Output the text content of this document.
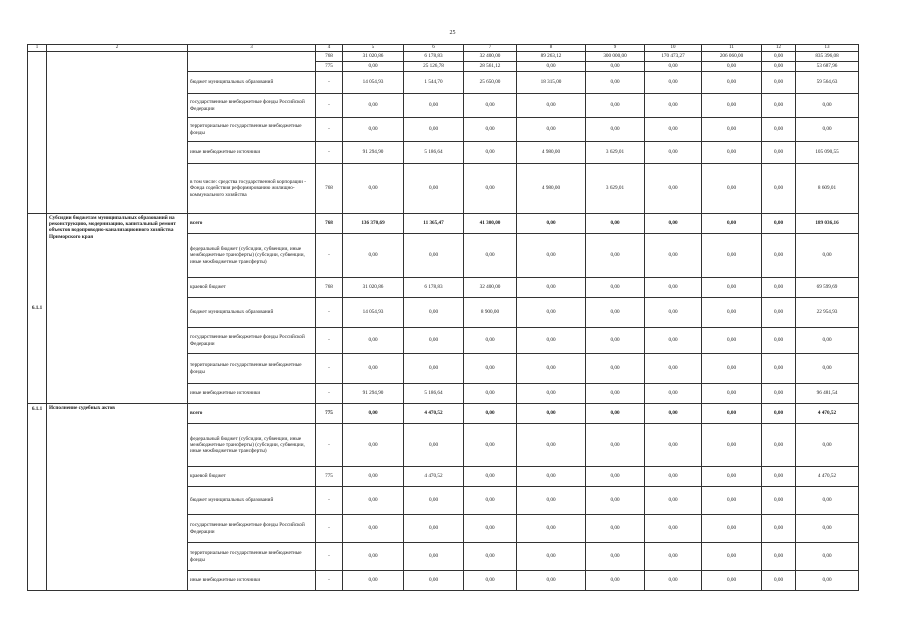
25
1	2	3	4	5	6	7	8	9	10	11	12	13
			768	31 020,86	6 178,83	32 400,00	89 263,12	300 000,00	170 473,27	206 060,00	0,00	835 396,08
			775	0,00	25 126,78	28 561,12	0,00	0,00	0,00	0,00	0,00	53 687,96
		бюджет муниципальных образований	-	14 054,93	1 544,70	25 650,00	18 315,00	0,00	0,00	0,00	0,00	59 564,63
		государственные внебюджетные фонды Российской Федерации	-	0,00	0,00	0,00	0,00	0,00	0,00	0,00	0,00	0,00
		территориальные государственные внебюджетные фонды	-	0,00	0,00	0,00	0,00	0,00	0,00	0,00	0,00	0,00
		иные внебюджетные источники	-	91 294,90	5 186,64	0,00	4 980,00	3 629,01	0,00	0,00	0,00	105 090,55
		в том числе: средства государственной корпорации - Фонда содействия реформированию жилищно-коммунального хозяйства	768	0,00	0,00	0,00	4 980,00	3 629,01	0,00	0,00	0,00	8 609,01
6.1.1	Субсидии бюджетам муниципальных образований на реконструкцию, модернизацию, капитальный ремонт объектов водопроводно-канализационного хозяйства Приморского края	всего	768	136 370,69	11 365,47	41 300,00	0,00	0,00	0,00	0,00	0,00	189 036,16
		федеральный бюджет (субсидии, субвенции, иные межбюджетные трансферты) (субсидии, субвенции, иные межбюджетные трансферты)	-	0,00	0,00	0,00	0,00	0,00	0,00	0,00	0,00	0,00
		краевой бюджет	768	31 020,86	6 178,83	32 400,00	0,00	0,00	0,00	0,00	0,00	69 599,69
		бюджет муниципальных образований	-	14 054,93	0,00	8 900,00	0,00	0,00	0,00	0,00	0,00	22 954,93
		государственные внебюджетные фонды Российской Федерации	-	0,00	0,00	0,00	0,00	0,00	0,00	0,00	0,00	0,00
		территориальные государственные внебюджетные фонды	-	0,00	0,00	0,00	0,00	0,00	0,00	0,00	0,00	0,00
		иные внебюджетные источники	-	91 294,90	5 186,64	0,00	0,00	0,00	0,00	0,00	0,00	96 481,54
6.1.1	Исполнение судебных актов	всего	775	0,00	4 470,52	0,00	0,00	0,00	0,00	0,00	0,00	4 470,52
		федеральный бюджет (субсидии, субвенции, иные межбюджетные трансферты) (субсидии, субвенции, иные межбюджетные трансферты)	-	0,00	0,00	0,00	0,00	0,00	0,00	0,00	0,00	0,00
		краевой бюджет	775	0,00	4 470,52	0,00	0,00	0,00	0,00	0,00	0,00	4 470,52
		бюджет муниципальных образований	-	0,00	0,00	0,00	0,00	0,00	0,00	0,00	0,00	0,00
		государственные внебюджетные фонды Российской Федерации	-	0,00	0,00	0,00	0,00	0,00	0,00	0,00	0,00	0,00
		территориальные государственные внебюджетные фонды	-	0,00	0,00	0,00	0,00	0,00	0,00	0,00	0,00	0,00
		иные внебюджетные источники	-	0,00	0,00	0,00	0,00	0,00	0,00	0,00	0,00	0,00
